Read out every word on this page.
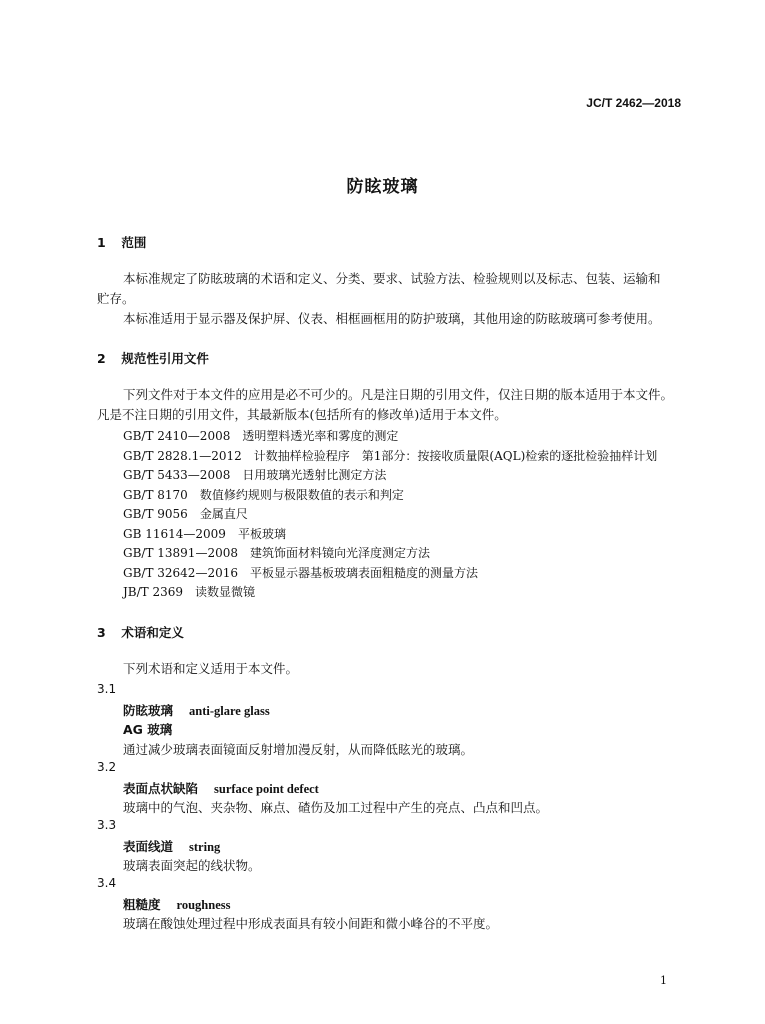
JC/T 2462—2018
防眩玻璃
1 范围
本标准规定了防眩玻璃的术语和定义、分类、要求、试验方法、检验规则以及标志、包装、运输和
贮存。
本标准适用于显示器及保护屏、仪表、相框画框用的防护玻璃，其他用途的防眩玻璃可参考使用。
2 规范性引用文件
下列文件对于本文件的应用是必不可少的。凡是注日期的引用文件，仅注日期的版本适用于本文件。
凡是不注日期的引用文件，其最新版本(包括所有的修改单)适用于本文件。
GB/T 2410—2008 透明塑料透光率和雾度的测定
GB/T 2828.1—2012 计数抽样检验程序　第1部分：按接收质量限(AQL)检索的逐批检验抽样计划
GB/T 5433—2008 日用玻璃光透射比测定方法
GB/T 8170 数值修约规则与极限数值的表示和判定
GB/T 9056 金属直尺
GB 11614—2009 平板玻璃
GB/T 13891—2008 建筑饰面材料镜向光泽度测定方法
GB/T 32642—2016 平板显示器基板玻璃表面粗糙度的测量方法
JB/T 2369 读数显微镜
3 术语和定义
下列术语和定义适用于本文件。
3.1
防眩玻璃 anti-glare glass
AG 玻璃
通过减少玻璃表面镜面反射增加漫反射，从而降低眩光的玻璃。
3.2
表面点状缺陷 surface point defect
玻璃中的气泡、夹杂物、麻点、碴伤及加工过程中产生的亮点、凸点和凹点。
3.3
表面线道 string
玻璃表面突起的线状物。
3.4
粗糙度 roughness
玻璃在酸蚀处理过程中形成表面具有较小间距和微小峰谷的不平度。
1
